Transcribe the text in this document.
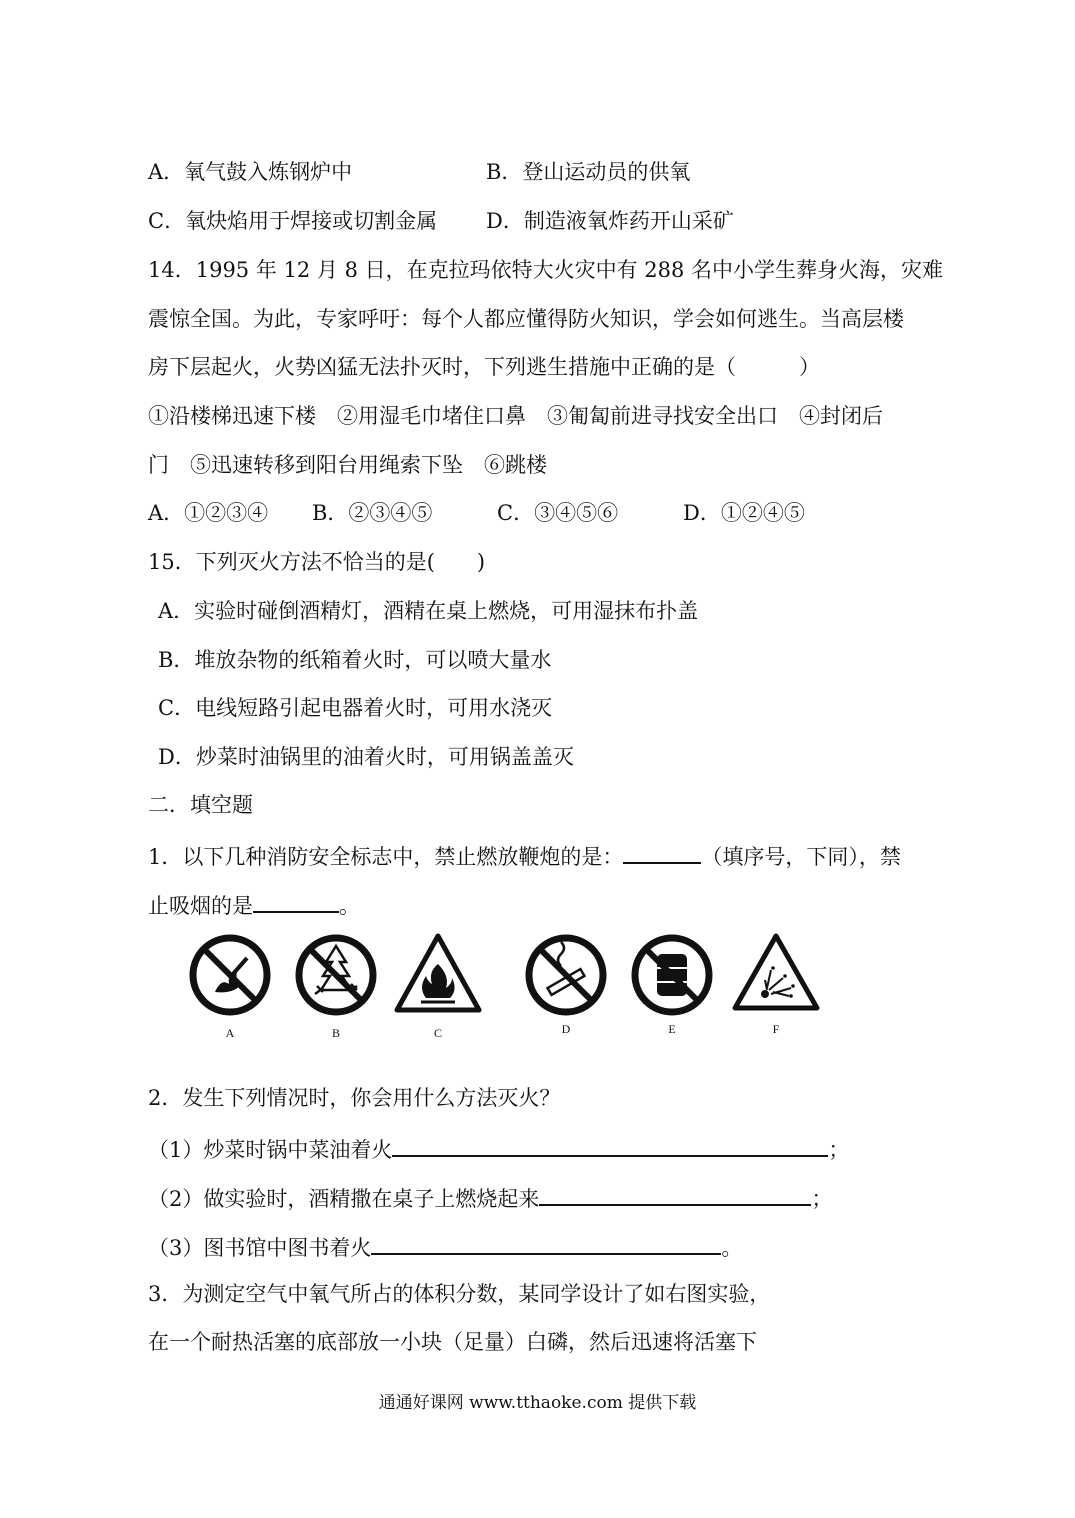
A．氧气鼓入炼钢炉中	B．登山运动员的供氧
C．氧炔焰用于焊接或切割金属 D．制造液氧炸药开山采矿
14．1995 年 12 月 8 日，在克拉玛依特大火灾中有 288 名中小学生葬身火海，灾难
震惊全国。为此，专家呼吁：每个人都应懂得防火知识，学会如何逃生。当高层楼
房下层起火，火势凶猛无法扑灭时，下列逃生措施中正确的是（　　　）
①沿楼梯迅速下楼　②用湿毛巾堵住口鼻　③匍匐前进寻找安全出口　④封闭后
门　⑤迅速转移到阳台用绳索下坠　⑥跳楼
A．①②③④ B．②③④⑤	C．③④⑤⑥	D．①②④⑤
15．下列灭火方法不恰当的是(　　)
A．实验时碰倒酒精灯，酒精在桌上燃烧，可用湿抹布扑盖
B．堆放杂物的纸箱着火时，可以喷大量水
C．电线短路引起电器着火时，可用水浇灭
D．炒菜时油锅里的油着火时，可用锅盖盖灭
二．填空题
1．以下几种消防安全标志中，禁止燃放鞭炮的是：	（填序号，下同），禁
止吸烟的是	。
A	B	C	D	E	F
2．发生下列情况时，你会用什么方法灭火？
（1）炒菜时锅中菜油着火	；
（2）做实验时，酒精撒在桌子上燃烧起来	；
（3）图书馆中图书着火	。
3．为测定空气中氧气所占的体积分数，某同学设计了如右图实验，
在一个耐热活塞的底部放一小块（足量）白磷，然后迅速将活塞下
通通好课网 www.tthaoke.com 提供下载
